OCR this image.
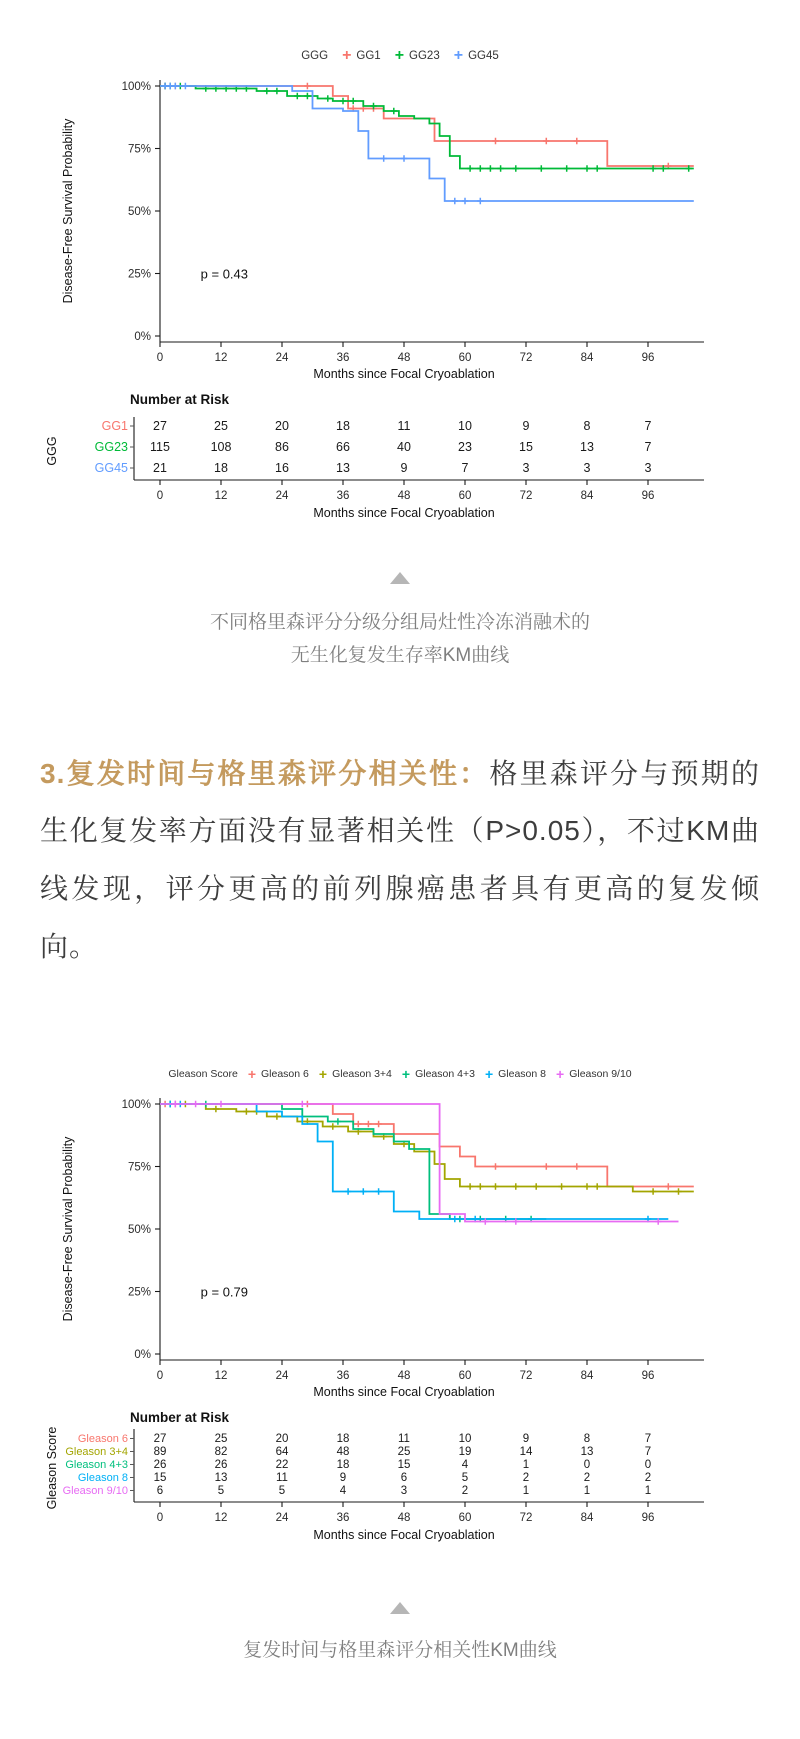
GGG + GG1 + GG23 + GG45
0%
25%
50%
75%
100%
0	12	24	36	48	60	72	84	96
Months since Focal Cryoablation
Disease-Free Survival Probability	p = 0.43
Number at Risk
GG1 27	25	20	18	11	10	9	8	7
GG23 115	108	86	66	40	23	15	13	7
GG45 21	18	16	13	9	7	3	3	3
0	12	24	36	48	60	72	84	96
Months since Focal Cryoablation
GGG
不同格里森评分分级分组局灶性冷冻消融术的
无生化复发生存率KM曲线

3.复发时间与格里森评分相关性：格里森评分与预期的生化复发率方面没有显著相关性（P>0.05），不过KM曲线发现，评分更高的前列腺癌患者具有更高的复发倾向。

Gleason Score + Gleason 6 + Gleason 3+4 + Gleason 4+3 + Gleason 8 + Gleason 9/10
0%
25%
50%
75%
100%
0	12	24	36	48	60	72	84	96
Months since Focal Cryoablation
Disease-Free Survival Probability	p = 0.79
Number at Risk
Gleason 6 27	25	20	18	11	10	9	8	7
Gleason 3+4 89	82	64	48	25	19	14	13	7
Gleason 4+3 26	26	22	18	15	4	1	0	0
Gleason 8 15	13	11	9	6	5	2	2	2
Gleason 9/10	6	5	5	4	3	2	1	1	1
0	12	24	36	48	60	72	84	96
Months since Focal Cryoablation
Gleason Score
复发时间与格里森评分相关性KM曲线
